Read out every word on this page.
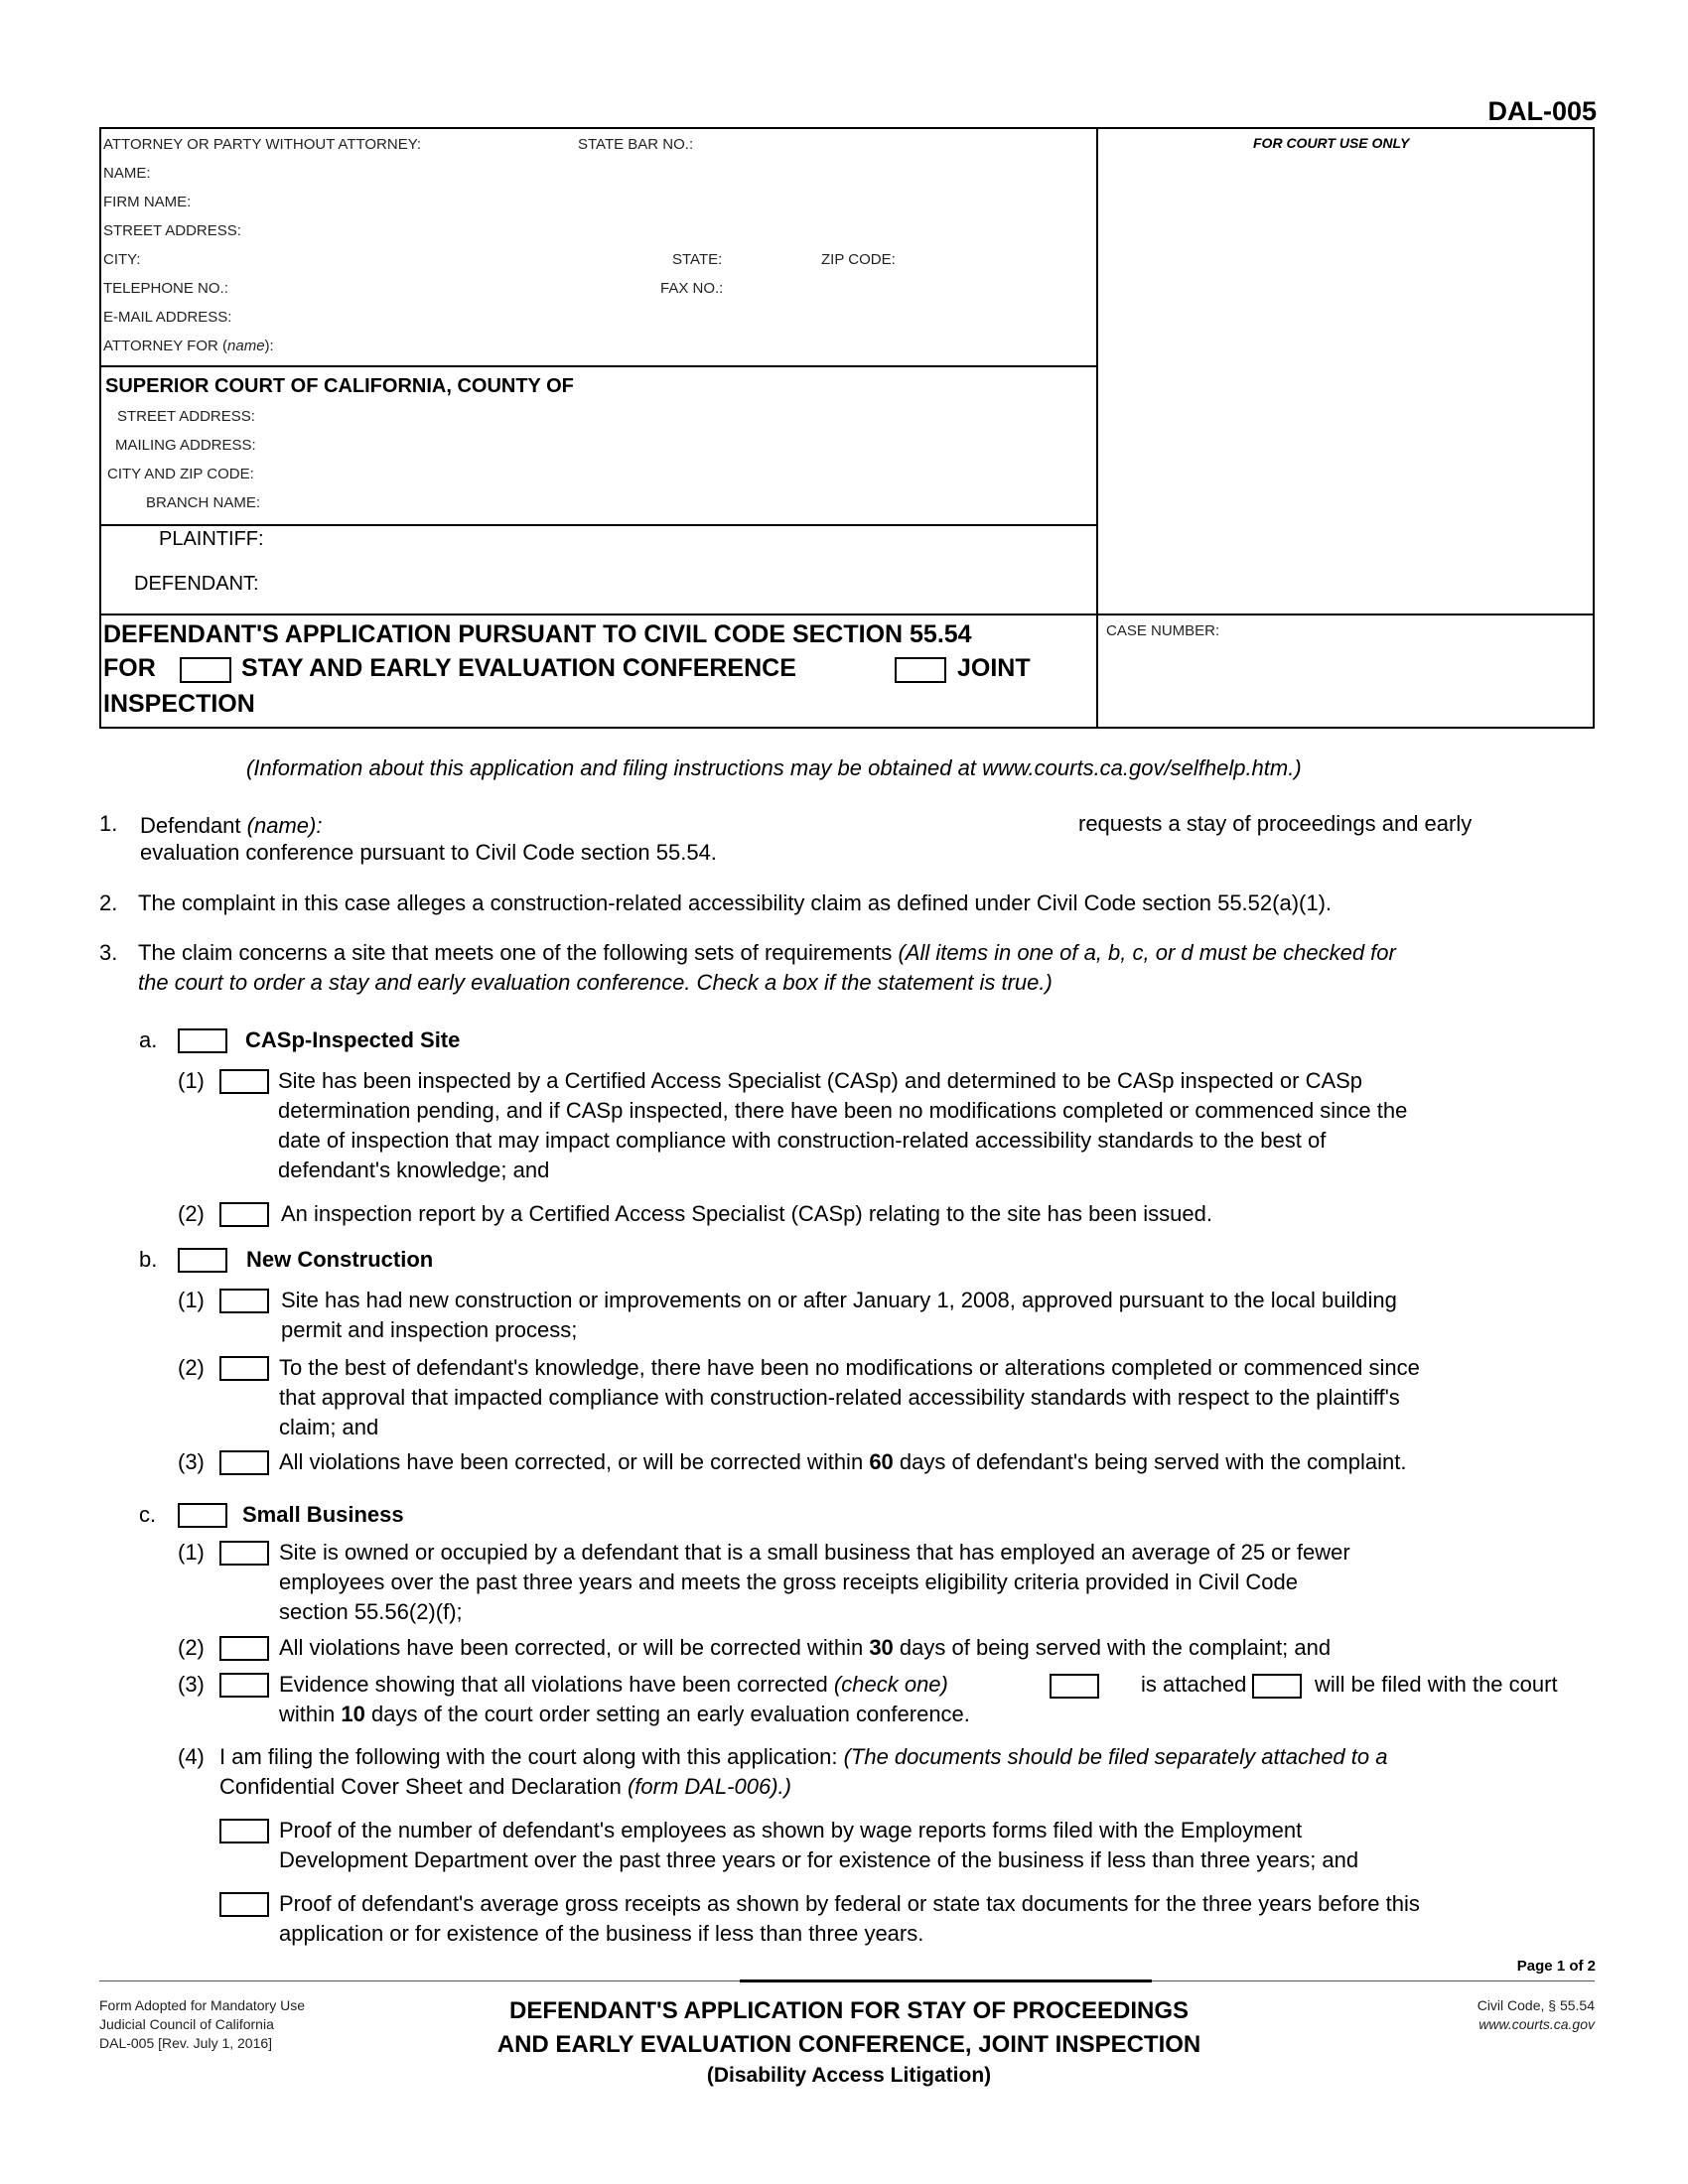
DAL-005
ATTORNEY OR PARTY WITHOUT ATTORNEY:	STATE BAR NO.:
NAME:
FIRM NAME:
STREET ADDRESS:
CITY:	STATE:	ZIP CODE:
TELEPHONE NO.:	FAX NO.:
E-MAIL ADDRESS:
ATTORNEY FOR (name):
FOR COURT USE ONLY
SUPERIOR COURT OF CALIFORNIA, COUNTY OF
STREET ADDRESS:
MAILING ADDRESS:
CITY AND ZIP CODE:
BRANCH NAME:
PLAINTIFF:
DEFENDANT:
CASE NUMBER:
DEFENDANT'S APPLICATION PURSUANT TO CIVIL CODE SECTION 55.54
FOR	STAY AND EARLY EVALUATION CONFERENCE	JOINT
INSPECTION
(Information about this application and filing instructions may be obtained at www.courts.ca.gov/selfhelp.htm.)
1. Defendant (name):	requests a stay of proceedings and early
evaluation conference pursuant to Civil Code section 55.54.
2. The complaint in this case alleges a construction-related accessibility claim as defined under Civil Code section 55.52(a)(1).
3. The claim concerns a site that meets one of the following sets of requirements (All items in one of a, b, c, or d must be checked for
the court to order a stay and early evaluation conference. Check a box if the statement is true.)
a.	CASp-Inspected Site
(1)	Site has been inspected by a Certified Access Specialist (CASp) and determined to be CASp inspected or CASp
determination pending, and if CASp inspected, there have been no modifications completed or commenced since the
date of inspection that may impact compliance with construction-related accessibility standards to the best of
defendant's knowledge; and
(2)	An inspection report by a Certified Access Specialist (CASp) relating to the site has been issued.
b.	New Construction
(1)	Site has had new construction or improvements on or after January 1, 2008, approved pursuant to the local building
permit and inspection process;
(2)	To the best of defendant's knowledge, there have been no modifications or alterations completed or commenced since
that approval that impacted compliance with construction-related accessibility standards with respect to the plaintiff's
claim; and
(3)	All violations have been corrected, or will be corrected within 60 days of defendant's being served with the complaint.
c.	Small Business
(1)	Site is owned or occupied by a defendant that is a small business that has employed an average of 25 or fewer
employees over the past three years and meets the gross receipts eligibility criteria provided in Civil Code
section 55.56(2)(f);
(2)	All violations have been corrected, or will be corrected within 30 days of being served with the complaint; and
(3)	Evidence showing that all violations have been corrected (check one)	is attached	will be filed with the court
within 10 days of the court order setting an early evaluation conference.
(4) I am filing the following with the court along with this application: (The documents should be filed separately attached to a
Confidential Cover Sheet and Declaration (form DAL-006).)
Proof of the number of defendant's employees as shown by wage reports forms filed with the Employment
Development Department over the past three years or for existence of the business if less than three years; and
Proof of defendant's average gross receipts as shown by federal or state tax documents for the three years before this
application or for existence of the business if less than three years.
Page 1 of 2
Form Adopted for Mandatory Use
Judicial Council of California
DAL-005 [Rev. July 1, 2016]
DEFENDANT'S APPLICATION FOR STAY OF PROCEEDINGS
AND EARLY EVALUATION CONFERENCE, JOINT INSPECTION
(Disability Access Litigation)
Civil Code, § 55.54
www.courts.ca.gov
